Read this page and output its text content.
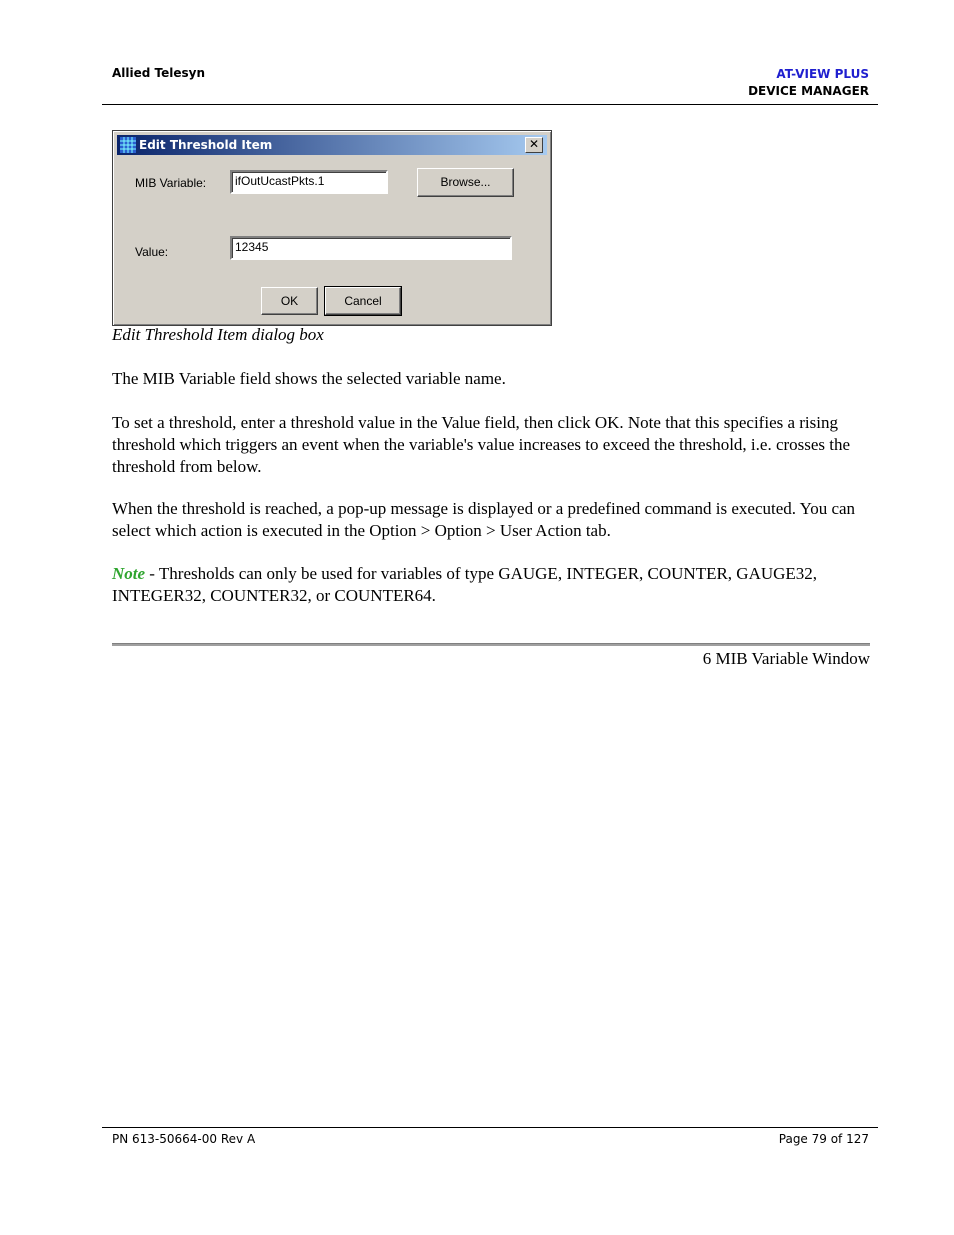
Allied Telesyn	AT-VIEW PLUS
DEVICE MANAGER
Edit Threshold Item	✕
MIB Variable:	ifOutUcastPkts.1	Browse...
Value:	12345
OK	Cancel
Edit Threshold Item dialog box
The MIB Variable field shows the selected variable name.
To set a threshold, enter a threshold value in the Value field, then click OK. Note that this specifies a rising threshold which triggers an event when the variable's value increases to exceed the threshold, i.e. crosses the threshold from below.
When the threshold is reached, a pop-up message is displayed or a predefined command is executed. You can select which action is executed in the Option > Option > User Action tab.
Note - Thresholds can only be used for variables of type GAUGE, INTEGER, COUNTER, GAUGE32, INTEGER32, COUNTER32, or COUNTER64.
6 MIB Variable Window
PN 613-50664-00 Rev A	Page 79 of 127
